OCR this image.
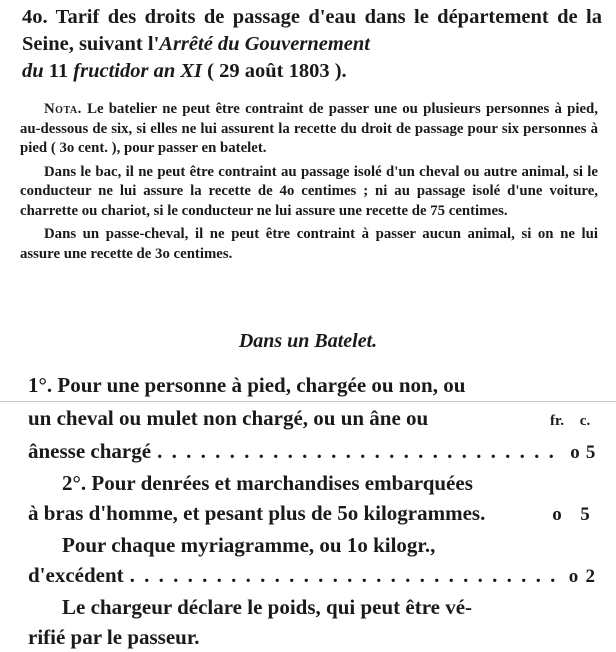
4o. Tarif des droits de passage d'eau dans le département de la Seine, suivant l'Arrêté du Gouvernement
du 11 fructidor an XI ( 29 août 1803 ).

Nota. Le batelier ne peut être contraint de passer une ou plusieurs personnes à pied, au-dessous de six, si elles ne lui assurent la recette du droit de passage pour six personnes à pied ( 3o cent. ), pour passer en batelet.

Dans le bac, il ne peut être contraint au passage isolé d'un cheval ou autre animal, si le conducteur ne lui assure la recette de 4o centimes ; ni au passage isolé d'une voiture, charrette ou chariot, si le conducteur ne lui assure une recette de 75 centimes.

Dans un passe-cheval, il ne peut être contraint à passer aucun animal, si on ne lui assure une recette de 3o centimes.

Dans un Batelet.
1°. Pour une personne à pied, chargée ou non, ou
un cheval ou mulet non chargé, ou un âne ou	fr.	c.
ânesse chargé . . .	o 5
2°. Pour denrées et marchandises embarquées
à bras d'homme, et pesant plus de 5o kilogrammes.	o 5
Pour chaque myriagramme, ou 1o kilogr.,
d'excédent . . .	o 2
Le chargeur déclare le poids, qui peut être vé-
rifié par le passeur.
